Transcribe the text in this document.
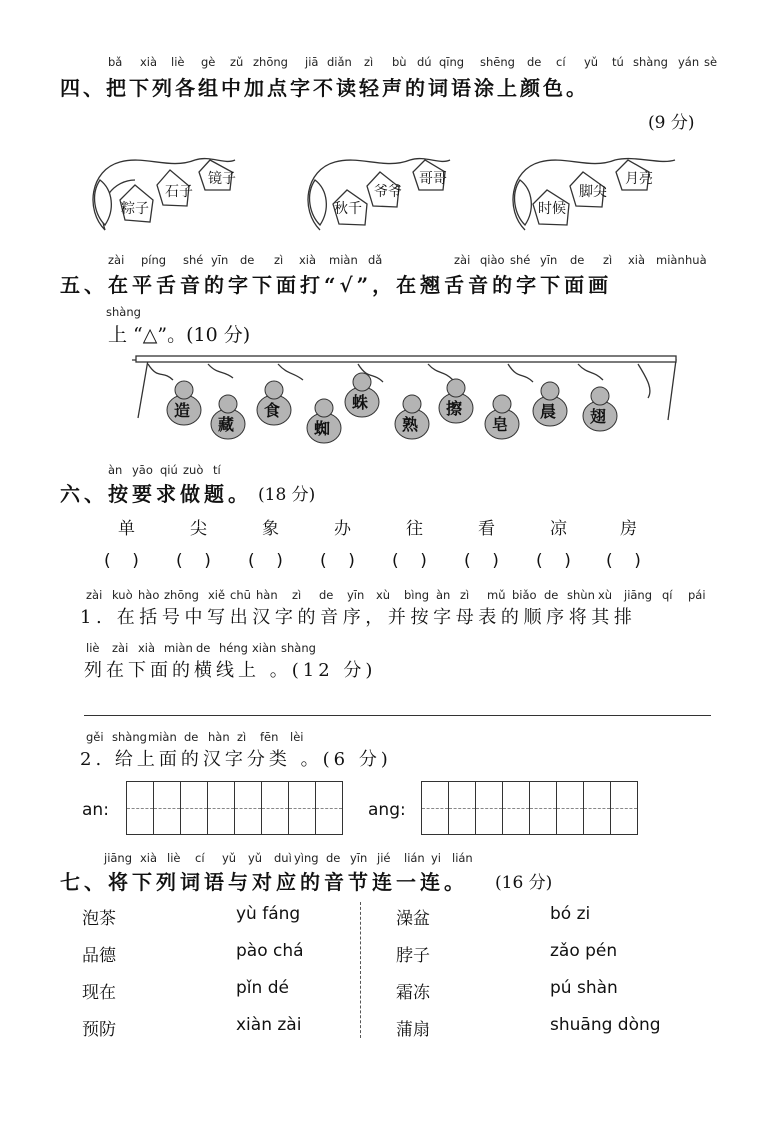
bǎ xià liè gè zǔ zhōng jiā diǎn zì bù dú qīng shēng de cí yǔ tú shàng yán sè
四、把下列各组中加点字不读轻声的词语涂上颜色。
(9 分)
粽子
石子
镜子
秋千
爷爷
哥哥
时候
脚尖
月亮
zài píng shé yīn de zì xià miàn dǎ	zài qiào shé yīn de zì xià miàn huà
五、在平舌音的字下面打“√”，在翘舌音的字下面画
shàng
上 “△”。(10 分)
造
藏
食
蜘
蛛
熟
擦
皂
晨 翅
àn yāo qiú zuò tí
六、按要求做题。 (18 分)
单	尖	象	办	往	看	凉	房
(    ) (    ) (    ) (    ) (    ) (    ) (    ) (    )
zài kuò hào zhōng xiě chū hàn zì de yīn xù bìng àn zì mǔ biǎo de shùn xù jiāng qí pái
1. 在括号中写出汉字的音序，并按字母表的顺序将其排
liè zài xià miàn de héng xiàn shàng
列在下面的横线上 。(12 分)
gěi shàng miàn de hàn zì fēn lèi
2. 给上面的汉字分类 。(6 分)
an:	ang:
jiāng xià liè cí yǔ yǔ duì yìng de yīn jié lián yi lián
七、将下列词语与对应的音节连一连。 (16 分)
泡茶
品德
现在
预防
yù fáng
pào chá
pǐn dé
xiàn zài
澡盆
脖子
霜冻
蒲扇
bó zi
zǎo pén
pú shàn
shuāng dòng
